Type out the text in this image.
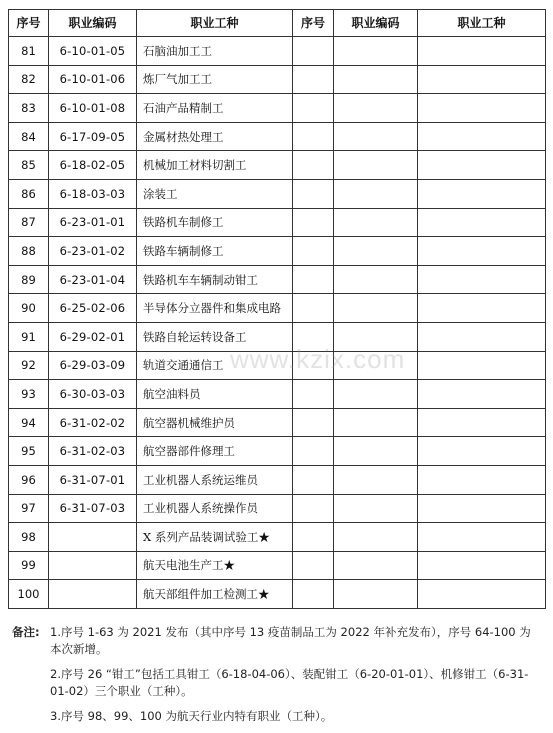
序号	职业编码	职业工种	序号	职业编码	职业工种
81	6-10-01-05	石脑油加工工			

82	6-10-01-06	炼厂气加工工			

83	6-10-01-08	石油产品精制工			

84	6-17-09-05	金属材热处理工			

85	6-18-02-05	机械加工材料切割工			

86	6-18-03-03	涂装工			

87	6-23-01-01	铁路机车制修工			

88	6-23-01-02	铁路车辆制修工			

89	6-23-01-04	铁路机车车辆制动钳工			

90	6-25-02-06	半导体分立器件和集成电路			

91	6-29-02-01	铁路自轮运转设备工			

92	6-29-03-09	轨道交通通信工			

93	6-30-03-03	航空油料员			

94	6-31-02-02	航空器机械维护员			

95	6-31-02-03	航空器部件修理工			

96	6-31-07-01	工业机器人系统运维员			

97	6-31-07-03	工业机器人系统操作员			

98		X 系列产品装调试验工★			

99		航天电池生产工★			

100		航天部组件加工检测工★			

www.kzix.com
备注: 1.序号 1-63 为 2021 发布（其中序号 13 疫苗制品工为 2022 年补充发布），序号 64-100 为本次新增。
2.序号 26 “钳工”包括工具钳工（6-18-04-06）、装配钳工（6-20-01-01）、机修钳工（6-31-01-02）三个职业（工种）。
3.序号 98、99、100 为航天行业内特有职业（工种）。
